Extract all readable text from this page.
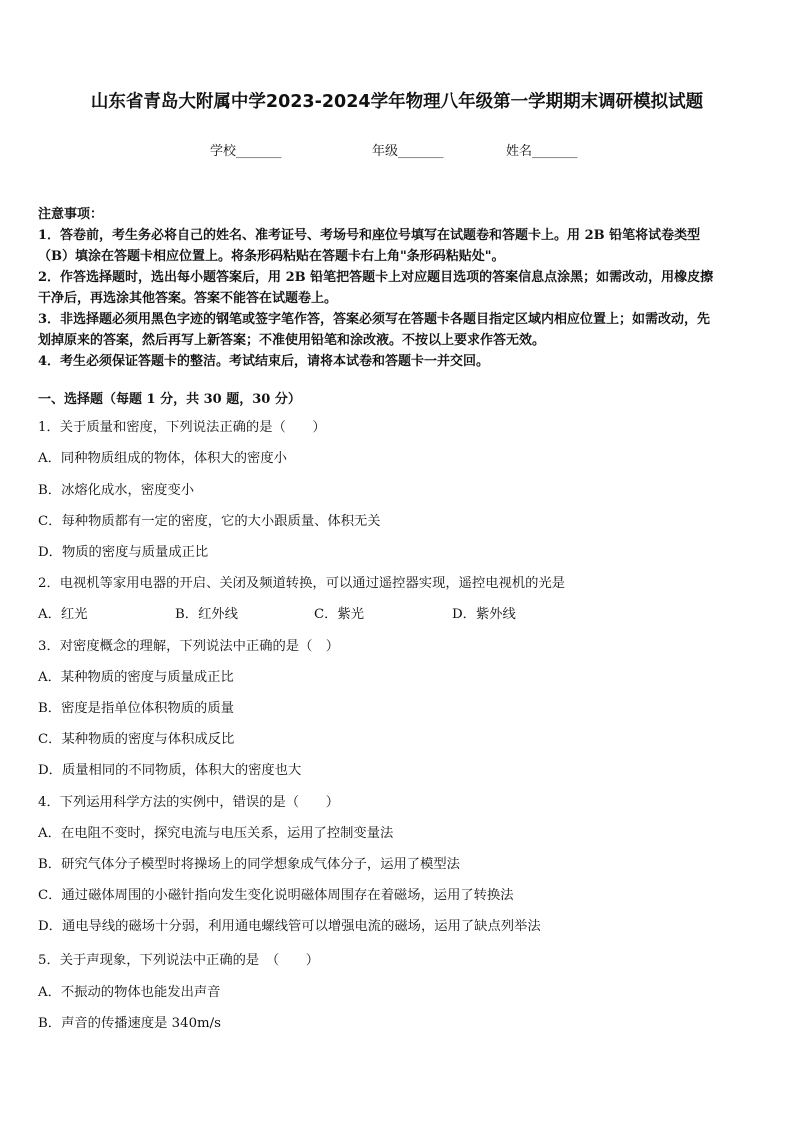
山东省青岛大附属中学2023-2024学年物理八年级第一学期期末调研模拟试题
学校_______	年级_______	姓名_______
注意事项：
1．答卷前，考生务必将自己的姓名、准考证号、考场号和座位号填写在试题卷和答题卡上。用 2B 铅笔将试卷类型
（B）填涂在答题卡相应位置上。将条形码粘贴在答题卡右上角"条形码粘贴处"。
2．作答选择题时，选出每小题答案后，用 2B 铅笔把答题卡上对应题目选项的答案信息点涂黑；如需改动，用橡皮擦
干净后，再选涂其他答案。答案不能答在试题卷上。
3．非选择题必须用黑色字迹的钢笔或签字笔作答，答案必须写在答题卡各题目指定区域内相应位置上；如需改动，先
划掉原来的答案，然后再写上新答案；不准使用铅笔和涂改液。不按以上要求作答无效。
4．考生必须保证答题卡的整洁。考试结束后，请将本试卷和答题卡一并交回。
一、选择题（每题 1 分，共 30 题，30 分）
1．关于质量和密度，下列说法正确的是（　　）
A．同种物质组成的物体，体积大的密度小
B．冰熔化成水，密度变小
C．每种物质都有一定的密度，它的大小跟质量、体积无关
D．物质的密度与质量成正比
2．电视机等家用电器的开启、关闭及频道转换，可以通过遥控器实现，遥控电视机的光是
A．红光	B．红外线	C．紫光	D．紫外线
3．对密度概念的理解，下列说法中正确的是（　）
A．某种物质的密度与质量成正比
B．密度是指单位体积物质的质量
C．某种物质的密度与体积成反比
D．质量相同的不同物质，体积大的密度也大
4．下列运用科学方法的实例中，错误的是（　　）
A．在电阻不变时，探究电流与电压关系，运用了控制变量法
B．研究气体分子模型时将操场上的同学想象成气体分子，运用了模型法
C．通过磁体周围的小磁针指向发生变化说明磁体周围存在着磁场，运用了转换法
D．通电导线的磁场十分弱，利用通电螺线管可以增强电流的磁场，运用了缺点列举法
5．关于声现象，下列说法中正确的是　（　　）
A．不振动的物体也能发出声音
B．声音的传播速度是 340m/s
